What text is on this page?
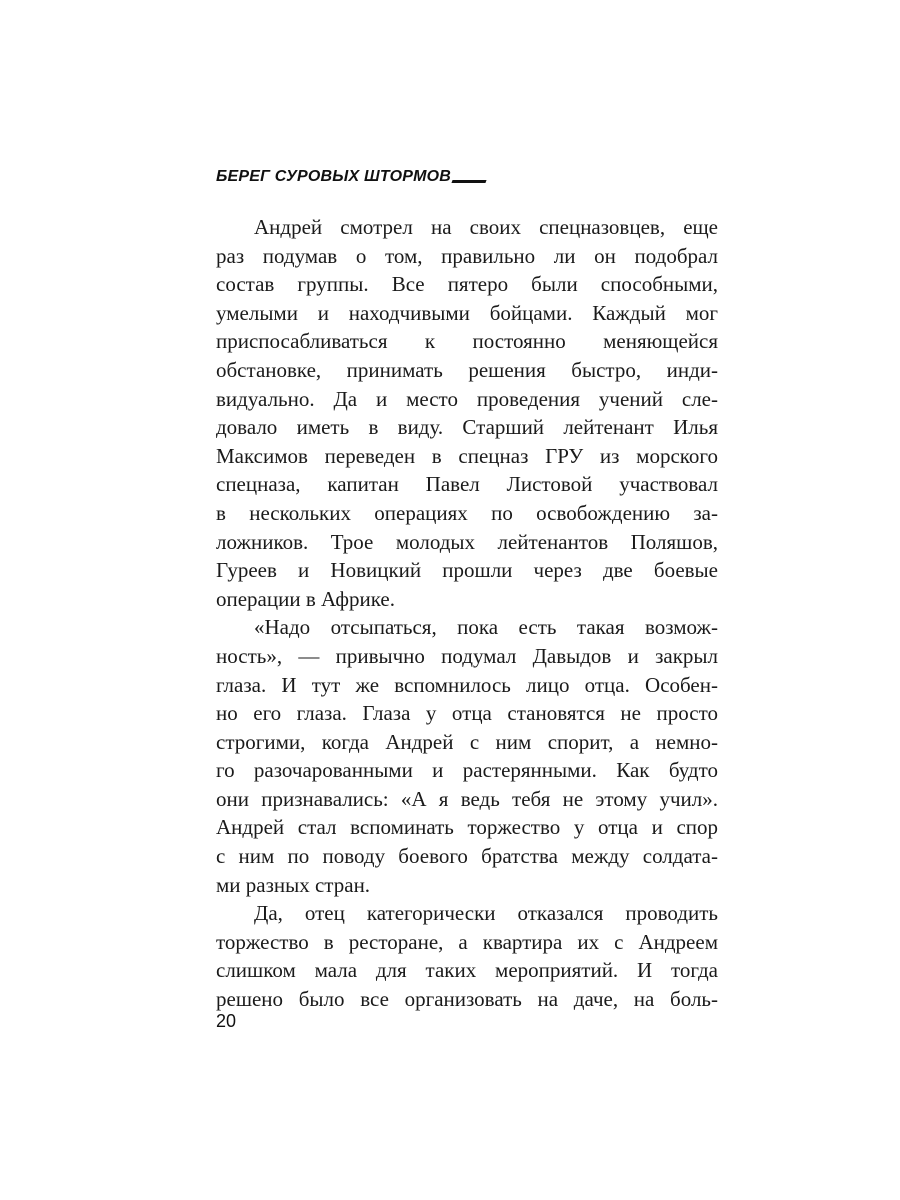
БЕРЕГ СУРОВЫХ ШТОРМОВ

Андрей смотрел на своих спецназовцев, еще
раз подумав о том, правильно ли он подобрал
состав группы. Все пятеро были способными,
умелыми и находчивыми бойцами. Каждый мог
приспосабливаться к постоянно меняющейся
обстановке, принимать решения быстро, инди-
видуально. Да и место проведения учений сле-
довало иметь в виду. Старший лейтенант Илья
Максимов переведен в спецназ ГРУ из морского
спецназа, капитан Павел Листовой участвовал
в нескольких операциях по освобождению за-
ложников. Трое молодых лейтенантов Поляшов,
Гуреев и Новицкий прошли через две боевые
операции в Африке.

«Надо отсыпаться, пока есть такая возмож-
ность», — привычно подумал Давыдов и закрыл
глаза. И тут же вспомнилось лицо отца. Особен-
но его глаза. Глаза у отца становятся не просто
строгими, когда Андрей с ним спорит, а немно-
го разочарованными и растерянными. Как будто
они признавались: «А я ведь тебя не этому учил».
Андрей стал вспоминать торжество у отца и спор
с ним по поводу боевого братства между солдата-
ми разных стран.

Да, отец категорически отказался проводить
торжество в ресторане, а квартира их с Андреем
слишком мала для таких мероприятий. И тогда
решено было все организовать на даче, на боль-

20
